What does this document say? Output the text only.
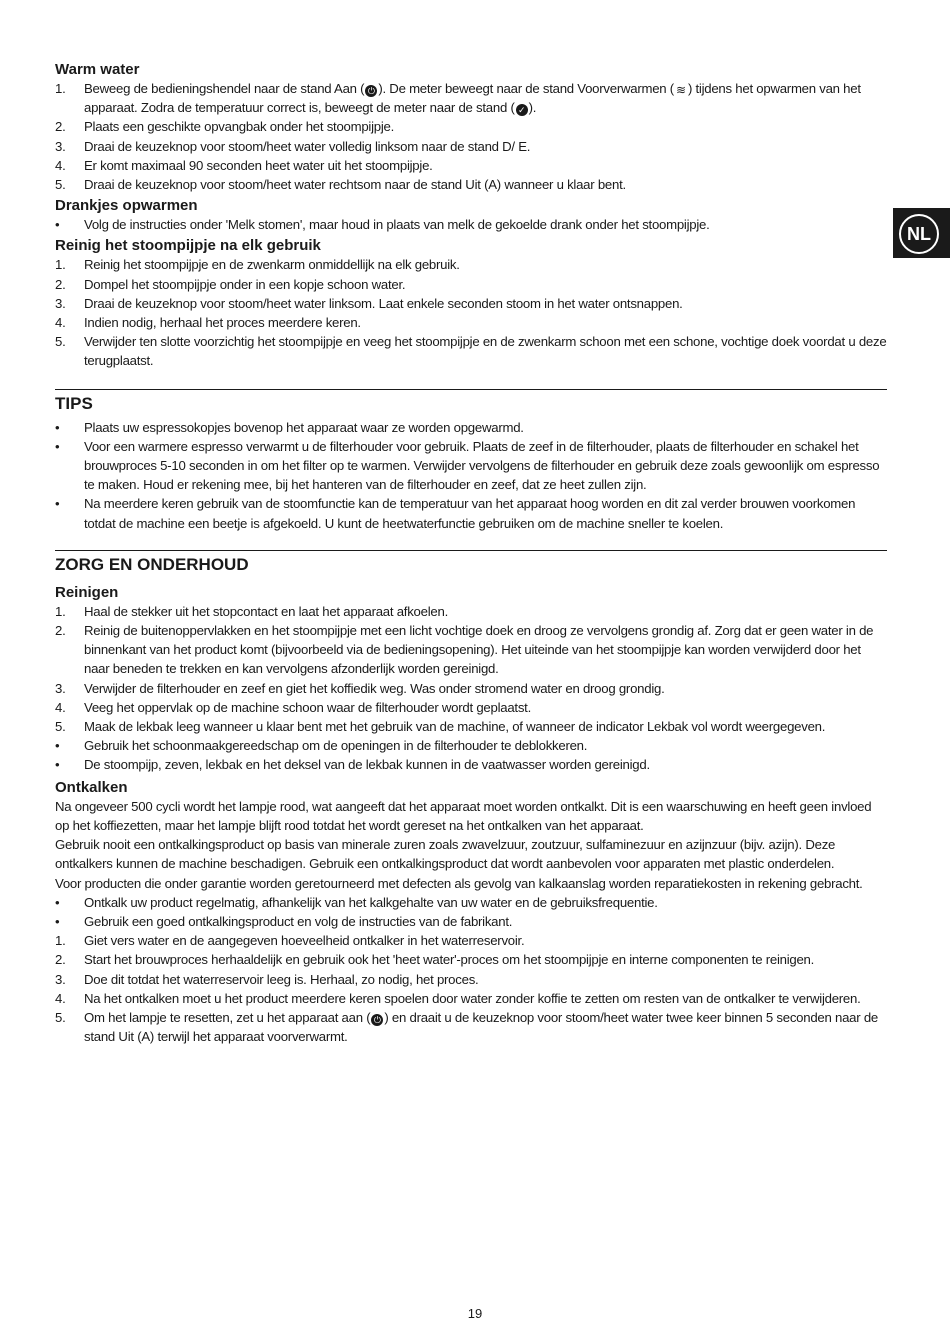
Warm water
1. Beweeg de bedieningshendel naar de stand Aan ( ⏻ ). De meter beweegt naar de stand Voorverwarmen ( ≋ ) tijdens het opwarmen van het apparaat. Zodra de temperatuur correct is, beweegt de meter naar de stand ( ✓ ).
2. Plaats een geschikte opvangbak onder het stoompijpje.
3. Draai de keuzeknop voor stoom/heet water volledig linksom naar de stand D/ E.
4. Er komt maximaal 90 seconden heet water uit het stoompijpje.
5. Draai de keuzeknop voor stoom/heet water rechtsom naar de stand Uit (A) wanneer u klaar bent.
Drankjes opwarmen
• Volg de instructies onder 'Melk stomen', maar houd in plaats van melk de gekoelde drank onder het stoompijpje.
Reinig het stoompijpje na elk gebruik
1. Reinig het stoompijpje en de zwenkarm onmiddellijk na elk gebruik.
2. Dompel het stoompijpje onder in een kopje schoon water.
3. Draai de keuzeknop voor stoom/heet water linksom. Laat enkele seconden stoom in het water ontsnappen.
4. Indien nodig, herhaal het proces meerdere keren.
5. Verwijder ten slotte voorzichtig het stoompijpje en veeg het stoompijpje en de zwenkarm schoon met een schone, vochtige doek voordat u deze terugplaatst.
TIPS
• Plaats uw espressokopjes bovenop het apparaat waar ze worden opgewarmd.
• Voor een warmere espresso verwarmt u de filterhouder voor gebruik. Plaats de zeef in de filterhouder, plaats de filterhouder en schakel het brouwproces 5-10 seconden in om het filter op te warmen. Verwijder vervolgens de filterhouder en gebruik deze zoals gewoonlijk om espresso te maken. Houd er rekening mee, bij het hanteren van de filterhouder en zeef, dat ze heet zullen zijn.
• Na meerdere keren gebruik van de stoomfunctie kan de temperatuur van het apparaat hoog worden en dit zal verder brouwen voorkomen totdat de machine een beetje is afgekoeld. U kunt de heetwaterfunctie gebruiken om de machine sneller te koelen.
ZORG EN ONDERHOUD
Reinigen
1. Haal de stekker uit het stopcontact en laat het apparaat afkoelen.
2. Reinig de buitenoppervlakken en het stoompijpje met een licht vochtige doek en droog ze vervolgens grondig af. Zorg dat er geen water in de binnenkant van het product komt (bijvoorbeeld via de bedieningsopening). Het uiteinde van het stoompijpje kan worden verwijderd door het naar beneden te trekken en kan vervolgens afzonderlijk worden gereinigd.
3. Verwijder de filterhouder en zeef en giet het koffiedik weg. Was onder stromend water en droog grondig.
4. Veeg het oppervlak op de machine schoon waar de filterhouder wordt geplaatst.
5. Maak de lekbak leeg wanneer u klaar bent met het gebruik van de machine, of wanneer de indicator Lekbak vol wordt weergegeven.
• Gebruik het schoonmaakgereedschap om de openingen in de filterhouder te deblokkeren.
• De stoompijp, zeven, lekbak en het deksel van de lekbak kunnen in de vaatwasser worden gereinigd.
Ontkalken
Na ongeveer 500 cycli wordt het lampje rood, wat aangeeft dat het apparaat moet worden ontkalkt. Dit is een waarschuwing en heeft geen invloed op het koffiezetten, maar het lampje blijft rood totdat het wordt gereset na het ontkalken van het apparaat.
Gebruik nooit een ontkalkingsproduct op basis van minerale zuren zoals zwavelzuur, zoutzuur, sulfaminezuur en azijnzuur (bijv. azijn). Deze ontkalkers kunnen de machine beschadigen. Gebruik een ontkalkingsproduct dat wordt aanbevolen voor apparaten met plastic onderdelen.
Voor producten die onder garantie worden geretourneerd met defecten als gevolg van kalkaanslag worden reparatiekosten in rekening gebracht.
• Ontkalk uw product regelmatig, afhankelijk van het kalkgehalte van uw water en de gebruiksfrequentie.
• Gebruik een goed ontkalkingsproduct en volg de instructies van de fabrikant.
1. Giet vers water en de aangegeven hoeveelheid ontkalker in het waterreservoir.
2. Start het brouwproces herhaaldelijk en gebruik ook het 'heet water'-proces om het stoompijpje en interne componenten te reinigen.
3. Doe dit totdat het waterreservoir leeg is. Herhaal, zo nodig, het proces.
4. Na het ontkalken moet u het product meerdere keren spoelen door water zonder koffie te zetten om resten van de ontkalker te verwijderen.
5. Om het lampje te resetten, zet u het apparaat aan ( ⏻ ) en draait u de keuzeknop voor stoom/heet water twee keer binnen 5 seconden naar de stand Uit (A) terwijl het apparaat voorverwarmt.
NL
19
